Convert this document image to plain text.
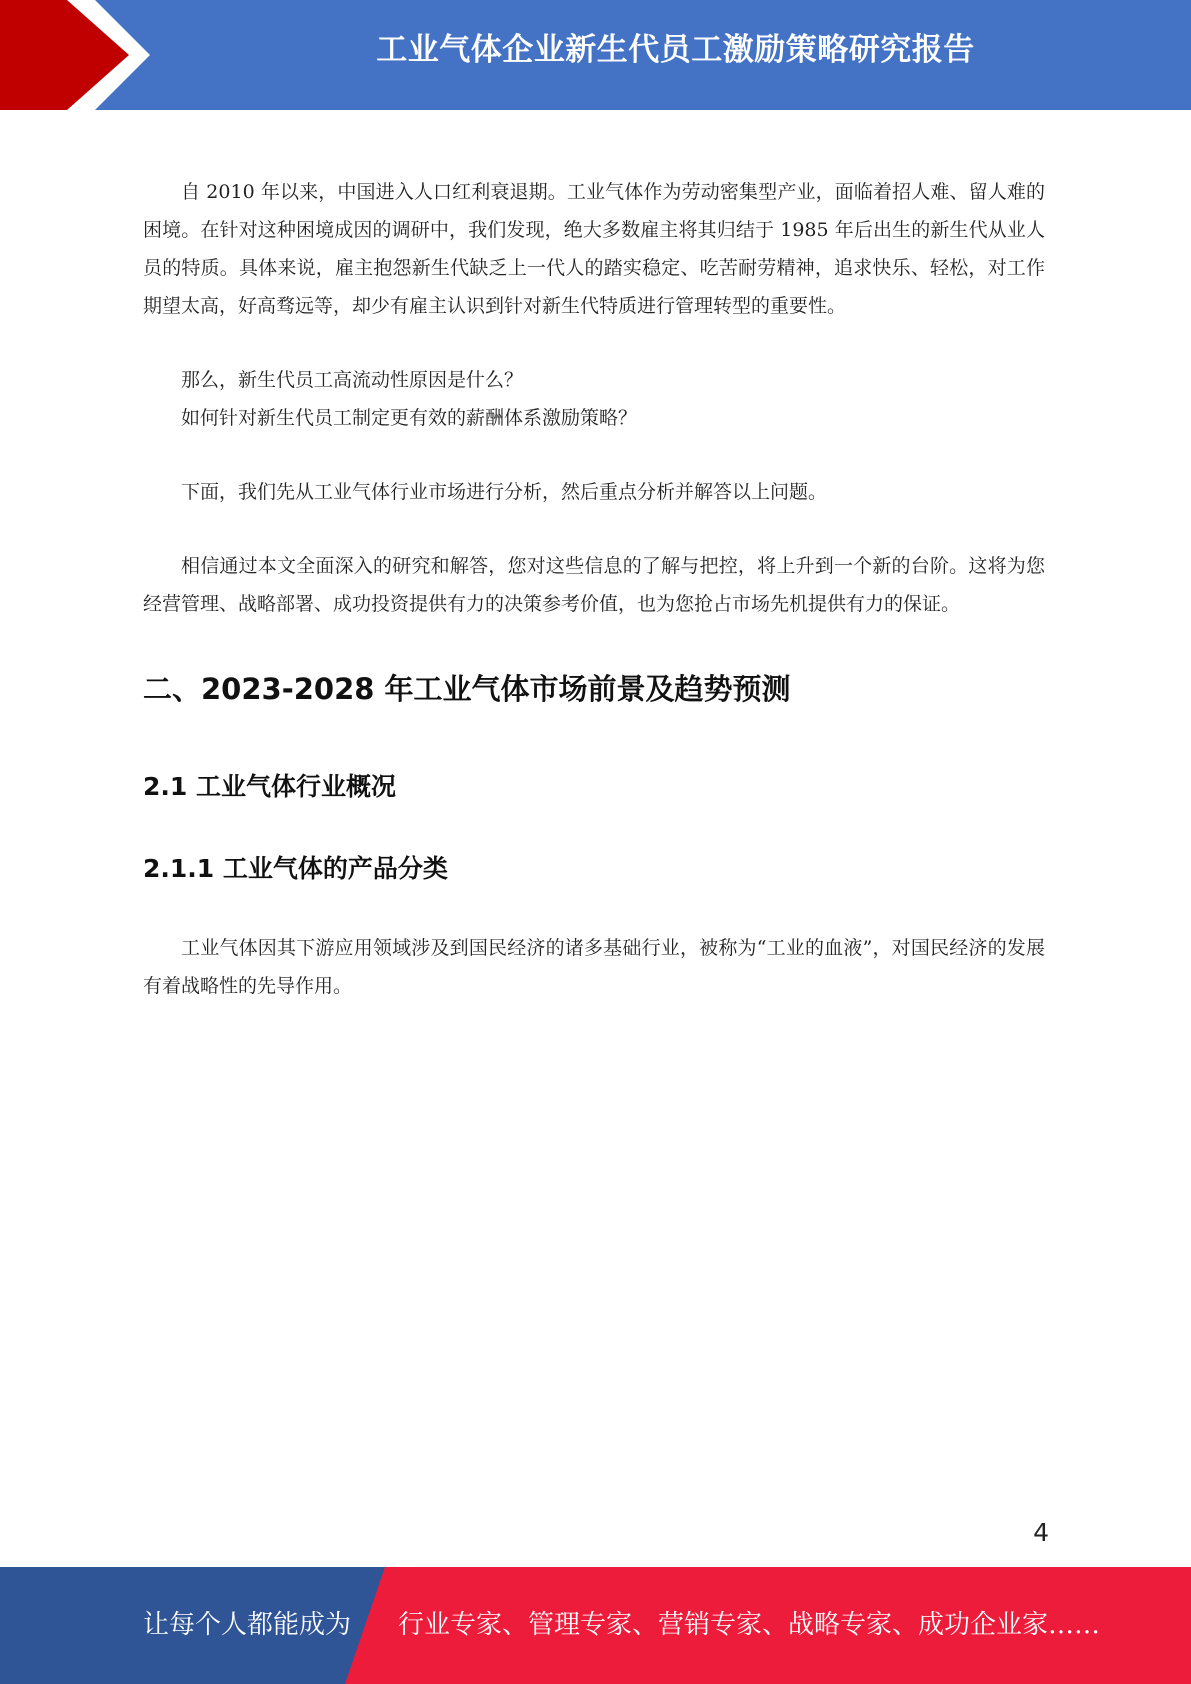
工业气体企业新生代员工激励策略研究报告

自 2010 年以来，中国进入人口红利衰退期。工业气体作为劳动密集型产业，面临着招人难、留人难的困境。在针对这种困境成因的调研中，我们发现，绝大多数雇主将其归结于 1985 年后出生的新生代从业人员的特质。具体来说，雇主抱怨新生代缺乏上一代人的踏实稳定、吃苦耐劳精神，追求快乐、轻松，对工作期望太高，好高骛远等，却少有雇主认识到针对新生代特质进行管理转型的重要性。

那么，新生代员工高流动性原因是什么？

如何针对新生代员工制定更有效的薪酬体系激励策略？

下面，我们先从工业气体行业市场进行分析，然后重点分析并解答以上问题。

相信通过本文全面深入的研究和解答，您对这些信息的了解与把控，将上升到一个新的台阶。这将为您经营管理、战略部署、成功投资提供有力的决策参考价值，也为您抢占市场先机提供有力的保证。

二、2023-2028 年工业气体市场前景及趋势预测
2.1 工业气体行业概况
2.1.1 工业气体的产品分类

工业气体因其下游应用领域涉及到国民经济的诸多基础行业，被称为“工业的血液”，对国民经济的发展有着战略性的先导作用。

4
让每个人都能成为 行业专家、管理专家、营销专家、战略专家、成功企业家……
